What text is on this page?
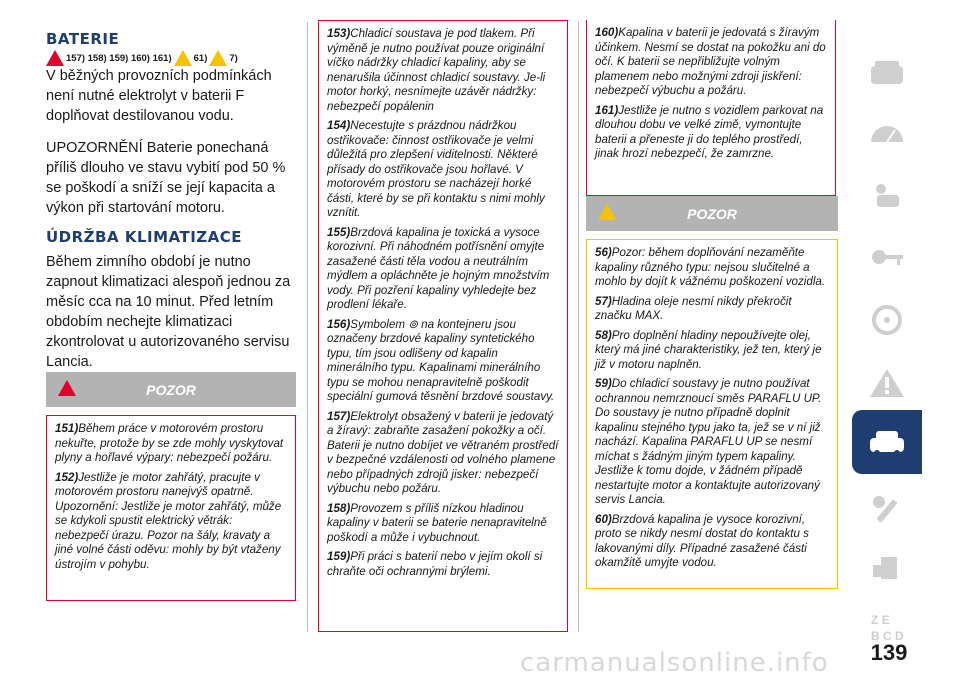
BATERIE
157) 158) 159) 160) 161) 61) 7)

V běžných provozních podmínkách není nutné elektrolyt v baterii F doplňovat destilovanou vodu.

UPOZORNĚNÍ Baterie ponechaná příliš dlouho ve stavu vybití pod 50 % se poškodí a sníží se její kapacita a výkon při startování motoru.

ÚDRŽBA KLIMATIZACE

Během zimního období je nutno zapnout klimatizaci alespoň jednou za měsíc cca na 10 minut. Před letním obdobím nechejte klimatizaci zkontrolovat u autorizovaného servisu Lancia.

POZOR

151)Během práce v motorovém prostoru nekuřte, protože by se zde mohly vyskytovat plyny a hořlavé výpary: nebezpečí požáru.

152)Jestliže je motor zahřátý, pracujte v motorovém prostoru nanejvýš opatrně. Upozornění: Jestliže je motor zahřátý, může se kdykoli spustit elektrický větrák: nebezpečí úrazu. Pozor na šály, kravaty a jiné volné části oděvu: mohly by být vtaženy ústrojím v pohybu.

153)Chladicí soustava je pod tlakem. Při výměně je nutno používat pouze originální víčko nádržky chladicí kapaliny, aby se nenarušila účinnost chladicí soustavy. Je-li motor horký, nesnímejte uzávěr nádržky: nebezpečí popálenin

154)Necestujte s prázdnou nádržkou ostřikovače: činnost ostřikovače je velmi důležitá pro zlepšení viditelnosti. Některé přísady do ostřikovače jsou hořlavé. V motorovém prostoru se nacházejí horké části, které by se při kontaktu s nimi mohly vznítit.

155)Brzdová kapalina je toxická a vysoce korozivní. Při náhodném potřísnění omyjte zasažené části těla vodou a neutrálním mýdlem a opláchněte je hojným množstvím vody. Při pozření kapaliny vyhledejte bez prodlení lékaře.

156)Symbolem ⊚ na kontejneru jsou označeny brzdové kapaliny syntetického typu, tím jsou odlišeny od kapalin minerálního typu. Kapalinami minerálního typu se mohou nenapravitelně poškodit speciální gumová těsnění brzdové soustavy.

157)Elektrolyt obsažený v baterii je jedovatý a žíravý: zabraňte zasažení pokožky a očí. Baterii je nutno dobíjet ve větraném prostředí v bezpečné vzdálenosti od volného plamene nebo případných zdrojů jisker: nebezpečí výbuchu nebo požáru.

158)Provozem s příliš nízkou hladinou kapaliny v baterii se baterie nenapravitelně poškodí a může i vybuchnout.

159)Při práci s baterií nebo v jejím okolí si chraňte oči ochrannými brýlemi.

160)Kapalina v baterii je jedovatá s žíravým účinkem. Nesmí se dostat na pokožku ani do očí. K baterii se nepřibližujte volným plamenem nebo možnými zdroji jiskření: nebezpečí výbuchu a požáru.

161)Jestliže je nutno s vozidlem parkovat na dlouhou dobu ve velké zimě, vymontujte baterii a přeneste ji do teplého prostředí, jinak hrozí nebezpečí, že zamrzne.

POZOR

56)Pozor: během doplňování nezaměňte kapaliny různého typu: nejsou slučitelné a mohlo by dojít k vážnému poškození vozidla.

57)Hladina oleje nesmí nikdy překročit značku MAX.

58)Pro doplnění hladiny nepoužívejte olej, který má jiné charakteristiky, jež ten, který je již v motoru naplněn.

59)Do chladicí soustavy je nutno používat ochrannou nemrznoucí směs PARAFLU UP. Do soustavy je nutno případně doplnit kapalinu stejného typu jako ta, jež se v ní již nachází. Kapalina PARAFLU UP se nesmí míchat s žádným jiným typem kapaliny. Jestliže k tomu dojde, v žádném případě nestartujte motor a kontaktujte autorizovaný servis Lancia.

60)Brzdová kapalina je vysoce korozivní, proto se nikdy nesmí dostat do kontaktu s lakovanými díly. Případné zasažené části okamžitě umyjte vodou.

Z E
B C D
139
carmanualsonline.info
